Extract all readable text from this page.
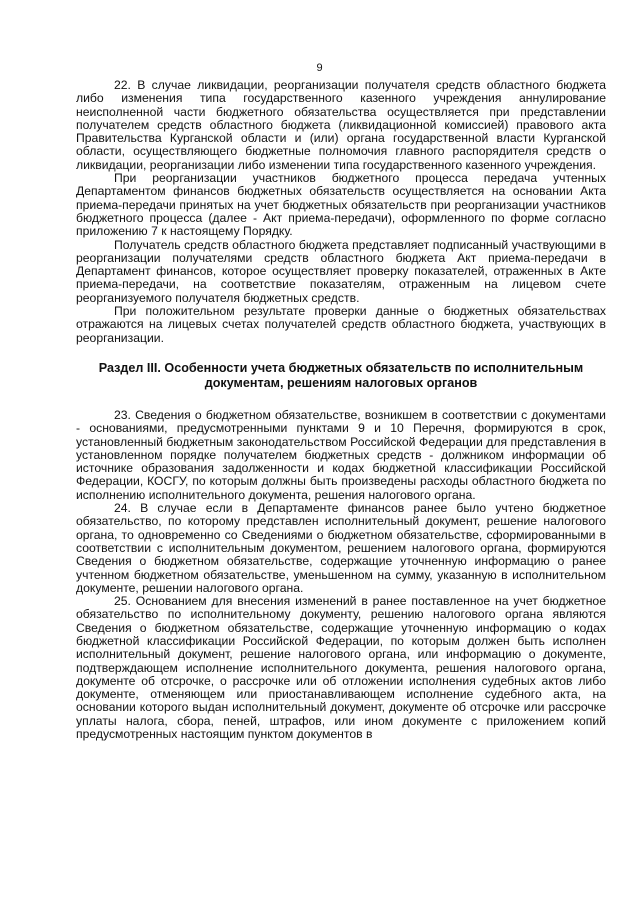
9

22. В случае ликвидации, реорганизации получателя средств областного бюджета либо изменения типа государственного казенного учреждения аннулирование неисполненной части бюджетного обязательства осуществляется при представлении получателем средств областного бюджета (ликвидационной комиссией) правового акта Правительства Курганской области и (или) органа государственной власти Курганской области, осуществляющего бюджетные полномочия главного распорядителя средств о ликвидации, реорганизации либо изменении типа государственного казенного учреждения.

При реорганизации участников бюджетного процесса передача учтенных Департаментом финансов бюджетных обязательств осуществляется на основании Акта приема-передачи принятых на учет бюджетных обязательств при реорганизации участников бюджетного процесса (далее - Акт приема-передачи), оформленного по форме согласно приложению 7 к настоящему Порядку.

Получатель средств областного бюджета представляет подписанный участвующими в реорганизации получателями средств областного бюджета Акт приема-передачи в Департамент финансов, которое осуществляет проверку показателей, отраженных в Акте приема-передачи, на соответствие показателям, отраженным на лицевом счете реорганизуемого получателя бюджетных средств.

При положительном результате проверки данные о бюджетных обязательствах отражаются на лицевых счетах получателей средств областного бюджета, участвующих в реорганизации.

Раздел III. Особенности учета бюджетных обязательств по исполнительным
документам, решениям налоговых органов

23. Сведения о бюджетном обязательстве, возникшем в соответствии с документами - основаниями, предусмотренными пунктами 9 и 10 Перечня, формируются в срок, установленный бюджетным законодательством Российской Федерации для представления в установленном порядке получателем бюджетных средств - должником информации об источнике образования задолженности и кодах бюджетной классификации Российской Федерации, КОСГУ, по которым должны быть произведены расходы областного бюджета по исполнению исполнительного документа, решения налогового органа.

24. В случае если в Департаменте финансов ранее было учтено бюджетное обязательство, по которому представлен исполнительный документ, решение налогового органа, то одновременно со Сведениями о бюджетном обязательстве, сформированными в соответствии с исполнительным документом, решением налогового органа, формируются Сведения о бюджетном обязательстве, содержащие уточненную информацию о ранее учтенном бюджетном обязательстве, уменьшенном на сумму, указанную в исполнительном документе, решении налогового органа.

25. Основанием для внесения изменений в ранее поставленное на учет бюджетное обязательство по исполнительному документу, решению налогового органа являются Сведения о бюджетном обязательстве, содержащие уточненную информацию о кодах бюджетной классификации Российской Федерации, по которым должен быть исполнен исполнительный документ, решение налогового органа, или информацию о документе, подтверждающем исполнение исполнительного документа, решения налогового органа, документе об отсрочке, о рассрочке или об отложении исполнения судебных актов либо документе, отменяющем или приостанавливающем исполнение судебного акта, на основании которого выдан исполнительный документ, документе об отсрочке или рассрочке уплаты налога, сбора, пеней, штрафов, или ином документе с приложением копий предусмотренных настоящим пунктом документов в
